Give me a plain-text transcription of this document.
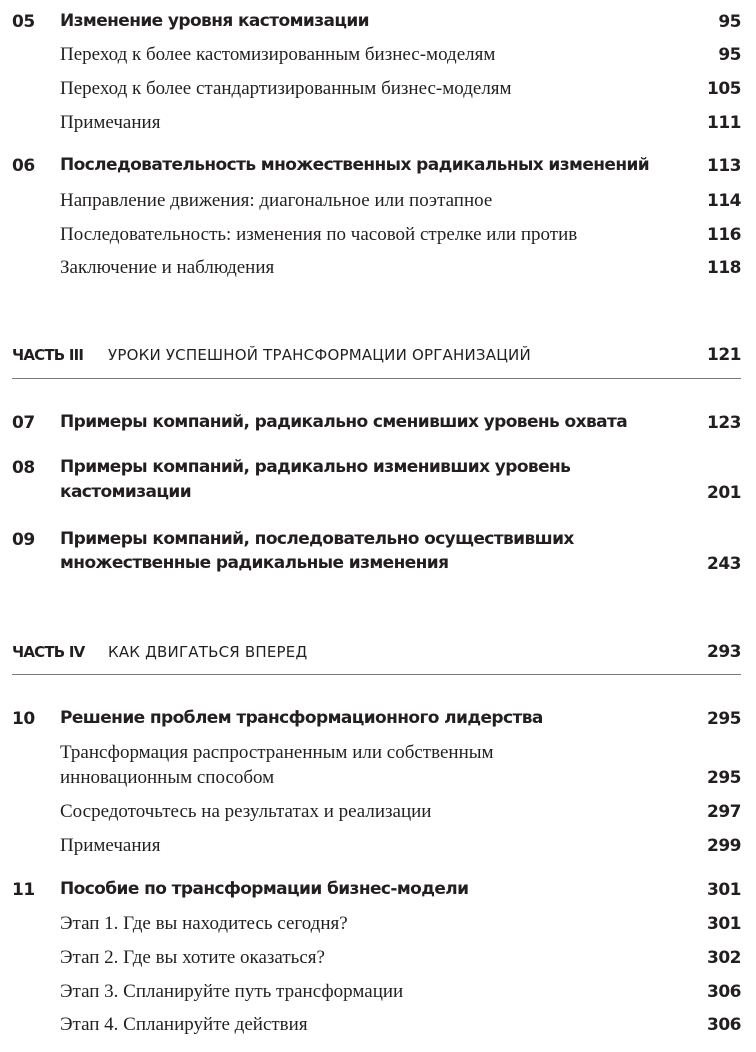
05 Изменение уровня кастомизации	95
Переход к более кастомизированным бизнес-моделям	95
Переход к более стандартизированным бизнес-моделям	105
Примечания	111
06 Последовательность множественных радикальных изменений	113
Направление движения: диагональное или поэтапное	114
Последовательность: изменения по часовой стрелке или против	116
Заключение и наблюдения	118
ЧАСТЬ III УРОКИ УСПЕШНОЙ ТРАНСФОРМАЦИИ ОРГАНИЗАЦИЙ	121
07 Примеры компаний, радикально сменивших уровень охвата	123
08 Примеры компаний, радикально изменивших уровень
кастомизации	201
09 Примеры компаний, последовательно осуществивших
множественные радикальные изменения	243
ЧАСТЬ IV КАК ДВИГАТЬСЯ ВПЕРЕД	293
10 Решение проблем трансформационного лидерства	295
Трансформация распространенным или собственным
инновационным способом	295
Сосредоточьтесь на результатах и реализации	297
Примечания	299
11 Пособие по трансформации бизнес-модели	301
Этап 1. Где вы находитесь сегодня?	301
Этап 2. Где вы хотите оказаться?	302
Этап 3. Спланируйте путь трансформации	306
Этап 4. Спланируйте действия	306
